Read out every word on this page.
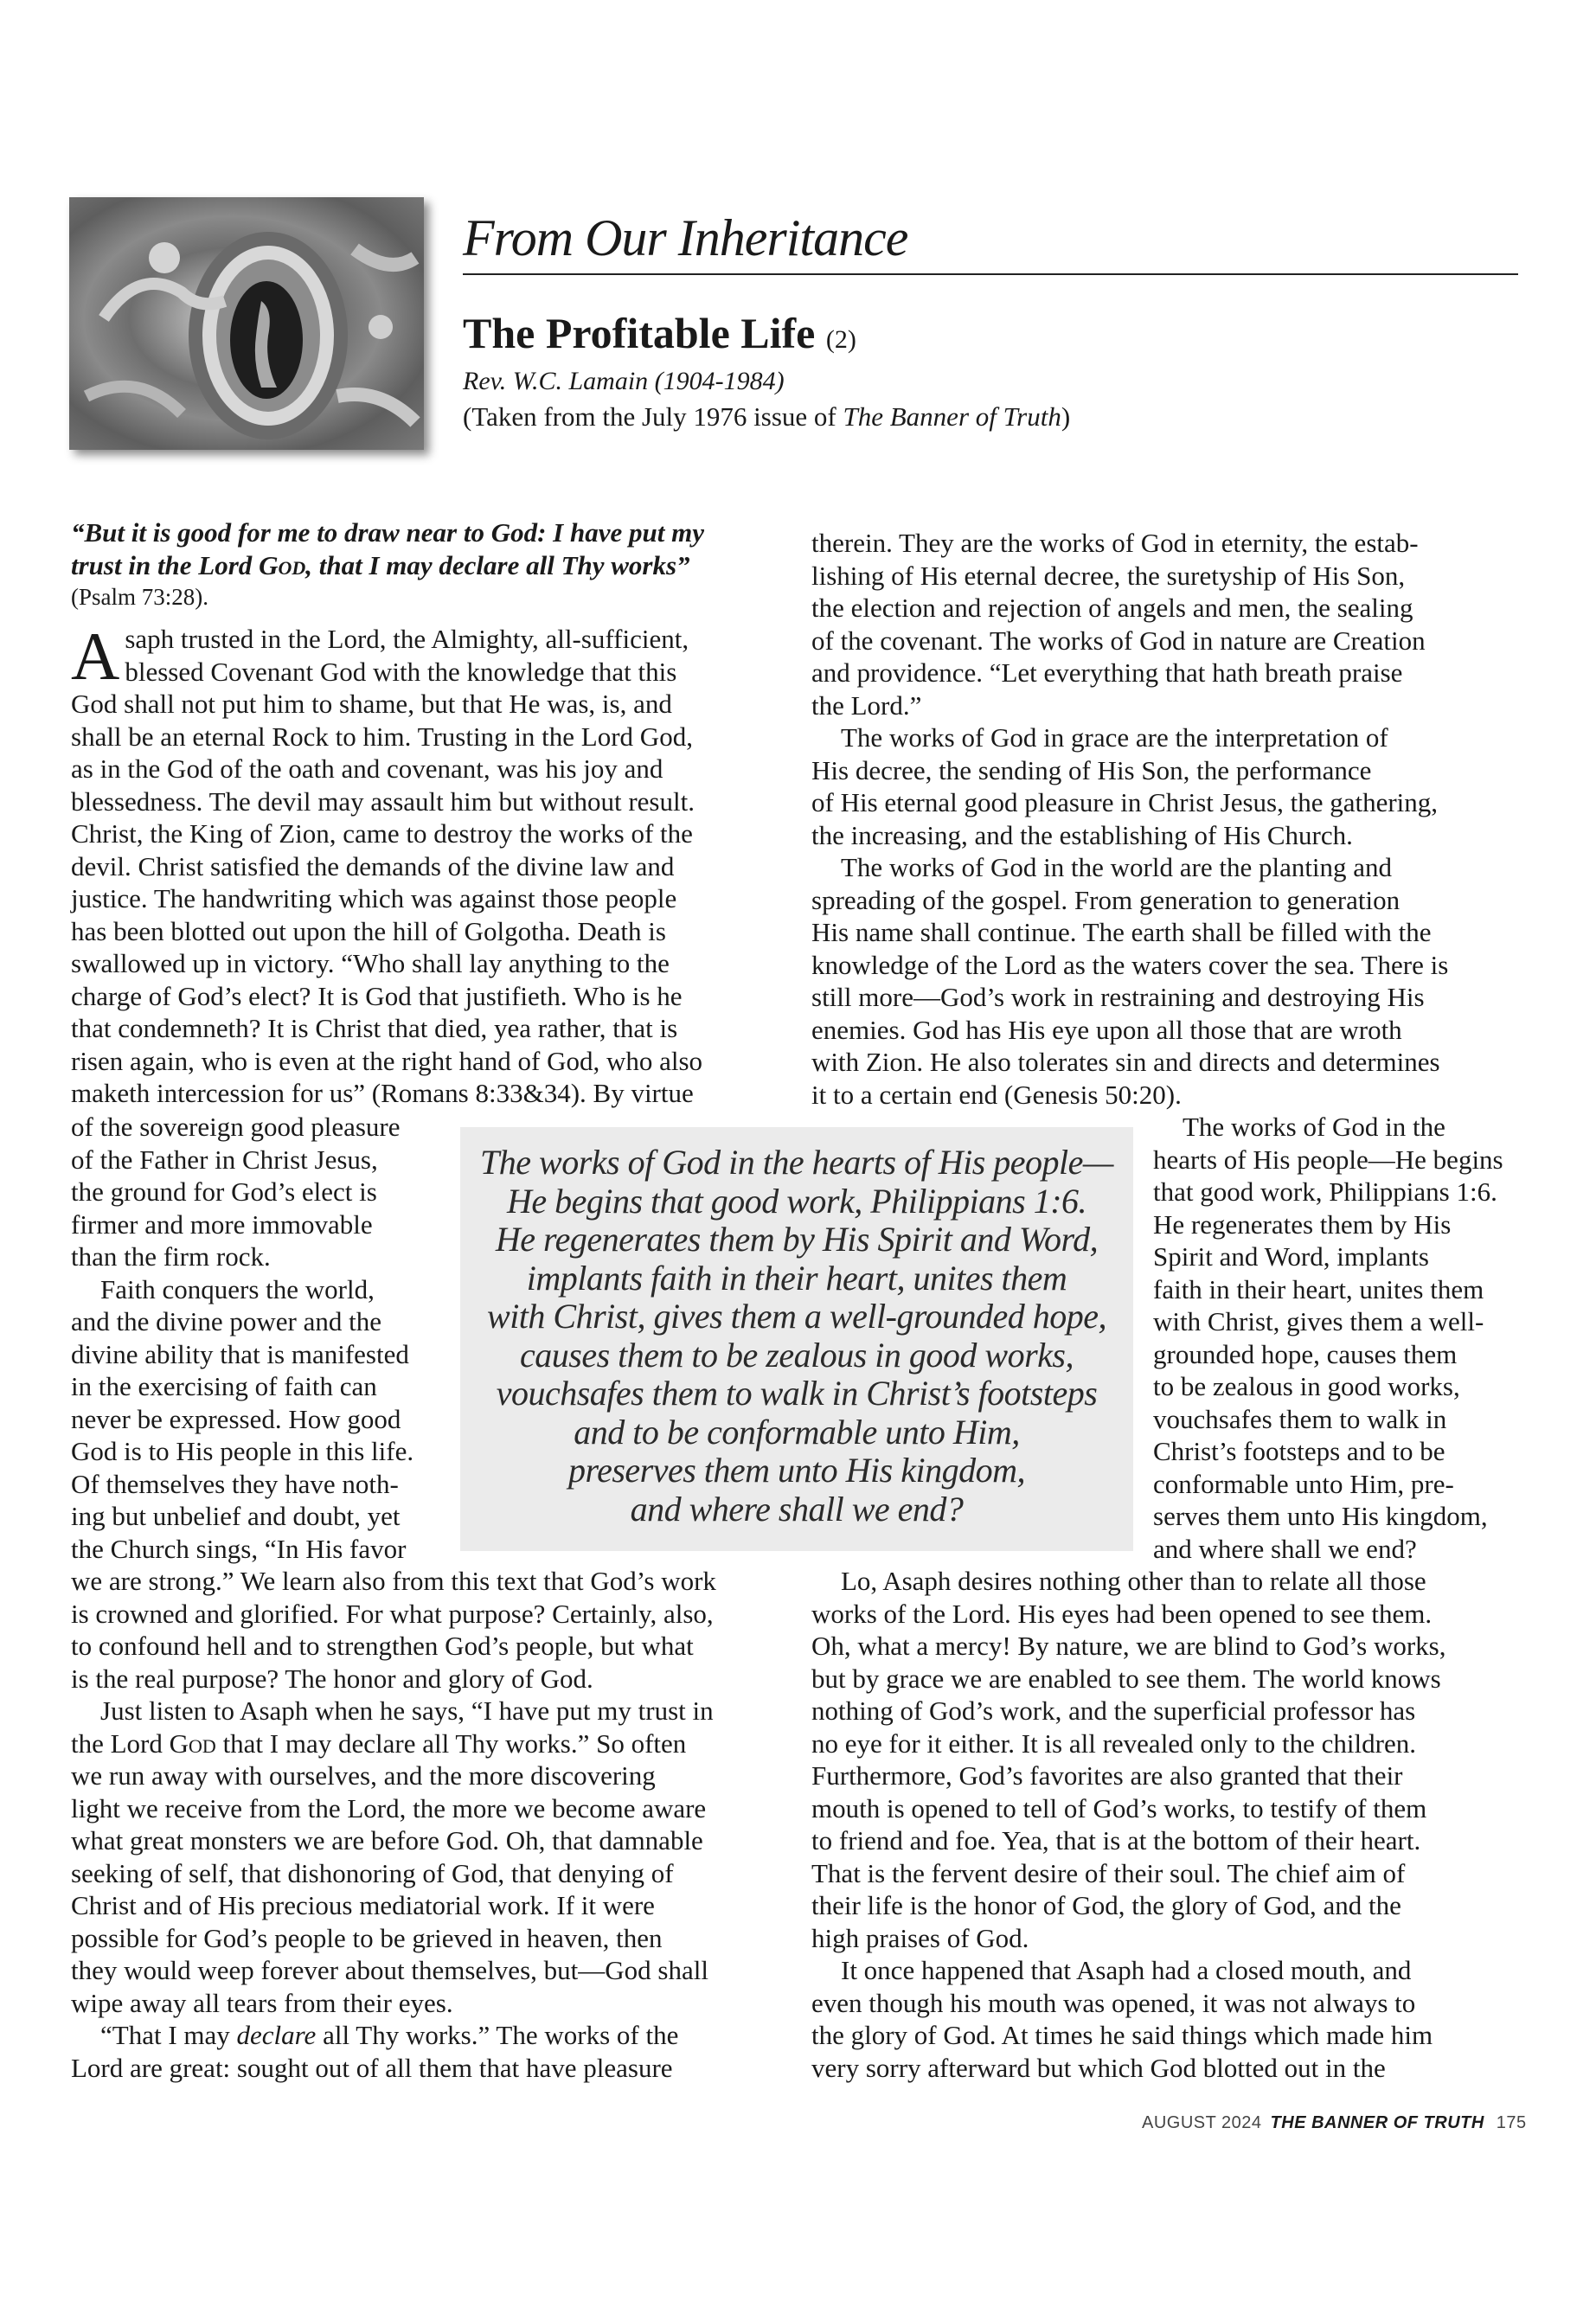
From Our Inheritance
The Profitable Life (2)
Rev. W.C. Lamain (1904-1984)
(Taken from the July 1976 issue of The Banner of Truth)
“But it is good for me to draw near to God: I have put my
trust in the Lord God, that I may declare all Thy works”
(Psalm 73:28).
A saph trusted in the Lord, the Almighty, all-sufficient,
blessed Covenant God with the knowledge that this
God shall not put him to shame, but that He was, is, and
shall be an eternal Rock to him. Trusting in the Lord God,
as in the God of the oath and covenant, was his joy and
blessedness. The devil may assault him but without result.
Christ, the King of Zion, came to destroy the works of the
devil. Christ satisfied the demands of the divine law and
justice. The handwriting which was against those people
has been blotted out upon the hill of Golgotha. Death is
swallowed up in victory. “Who shall lay anything to the
charge of God’s elect? It is God that justifieth. Who is he
that condemneth? It is Christ that died, yea rather, that is
risen again, who is even at the right hand of God, who also
maketh intercession for us” (Romans 8:33&34). By virtue
of the sovereign good pleasure
of the Father in Christ Jesus,
the ground for God’s elect is
firmer and more immovable
than the firm rock.
Faith conquers the world,
and the divine power and the
divine ability that is manifested
in the exercising of faith can
never be expressed. How good
God is to His people in this life.
Of themselves they have noth-
ing but unbelief and doubt, yet
the Church sings, “In His favor
we are strong.” We learn also from this text that God’s work
is crowned and glorified. For what purpose? Certainly, also,
to confound hell and to strengthen God’s people, but what
is the real purpose? The honor and glory of God.
Just listen to Asaph when he says, “I have put my trust in
the Lord God that I may declare all Thy works.” So often
we run away with ourselves, and the more discovering
light we receive from the Lord, the more we become aware
what great monsters we are before God. Oh, that damnable
seeking of self, that dishonoring of God, that denying of
Christ and of His precious mediatorial work. If it were
possible for God’s people to be grieved in heaven, then
they would weep forever about themselves, but—God shall
wipe away all tears from their eyes.
“That I may declare all Thy works.” The works of the
Lord are great: sought out of all them that have pleasure
therein. They are the works of God in eternity, the estab-
lishing of His eternal decree, the suretyship of His Son,
the election and rejection of angels and men, the sealing
of the covenant. The works of God in nature are Creation
and providence. “Let everything that hath breath praise
the Lord.”
The works of God in grace are the interpretation of
His decree, the sending of His Son, the performance
of His eternal good pleasure in Christ Jesus, the gathering,
the increasing, and the establishing of His Church.
The works of God in the world are the planting and
spreading of the gospel. From generation to generation
His name shall continue. The earth shall be filled with the
knowledge of the Lord as the waters cover the sea. There is
still more—God’s work in restraining and destroying His
enemies. God has His eye upon all those that are wroth
with Zion. He also tolerates sin and directs and determines
it to a certain end (Genesis 50:20).
The works of God in the
hearts of His people—He begins
that good work, Philippians 1:6.
He regenerates them by His
Spirit and Word, implants
faith in their heart, unites them
with Christ, gives them a well-
grounded hope, causes them
to be zealous in good works,
vouchsafes them to walk in
Christ’s footsteps and to be
conformable unto Him, pre-
serves them unto His kingdom,
and where shall we end?
Lo, Asaph desires nothing other than to relate all those
works of the Lord. His eyes had been opened to see them.
Oh, what a mercy! By nature, we are blind to God’s works,
but by grace we are enabled to see them. The world knows
nothing of God’s work, and the superficial professor has
no eye for it either. It is all revealed only to the children.
Furthermore, God’s favorites are also granted that their
mouth is opened to tell of God’s works, to testify of them
to friend and foe. Yea, that is at the bottom of their heart.
That is the fervent desire of their soul. The chief aim of
their life is the honor of God, the glory of God, and the
high praises of God.
It once happened that Asaph had a closed mouth, and
even though his mouth was opened, it was not always to
the glory of God. At times he said things which made him
very sorry afterward but which God blotted out in the
The works of God in the hearts of His people—
He begins that good work, Philippians 1:6.
He regenerates them by His Spirit and Word,
implants faith in their heart, unites them
with Christ, gives them a well-grounded hope,
causes them to be zealous in good works,
vouchsafes them to walk in Christ’s footsteps
and to be conformable unto Him,
preserves them unto His kingdom,
and where shall we end?
AUGUST 2024 THE BANNER OF TRUTH 175
